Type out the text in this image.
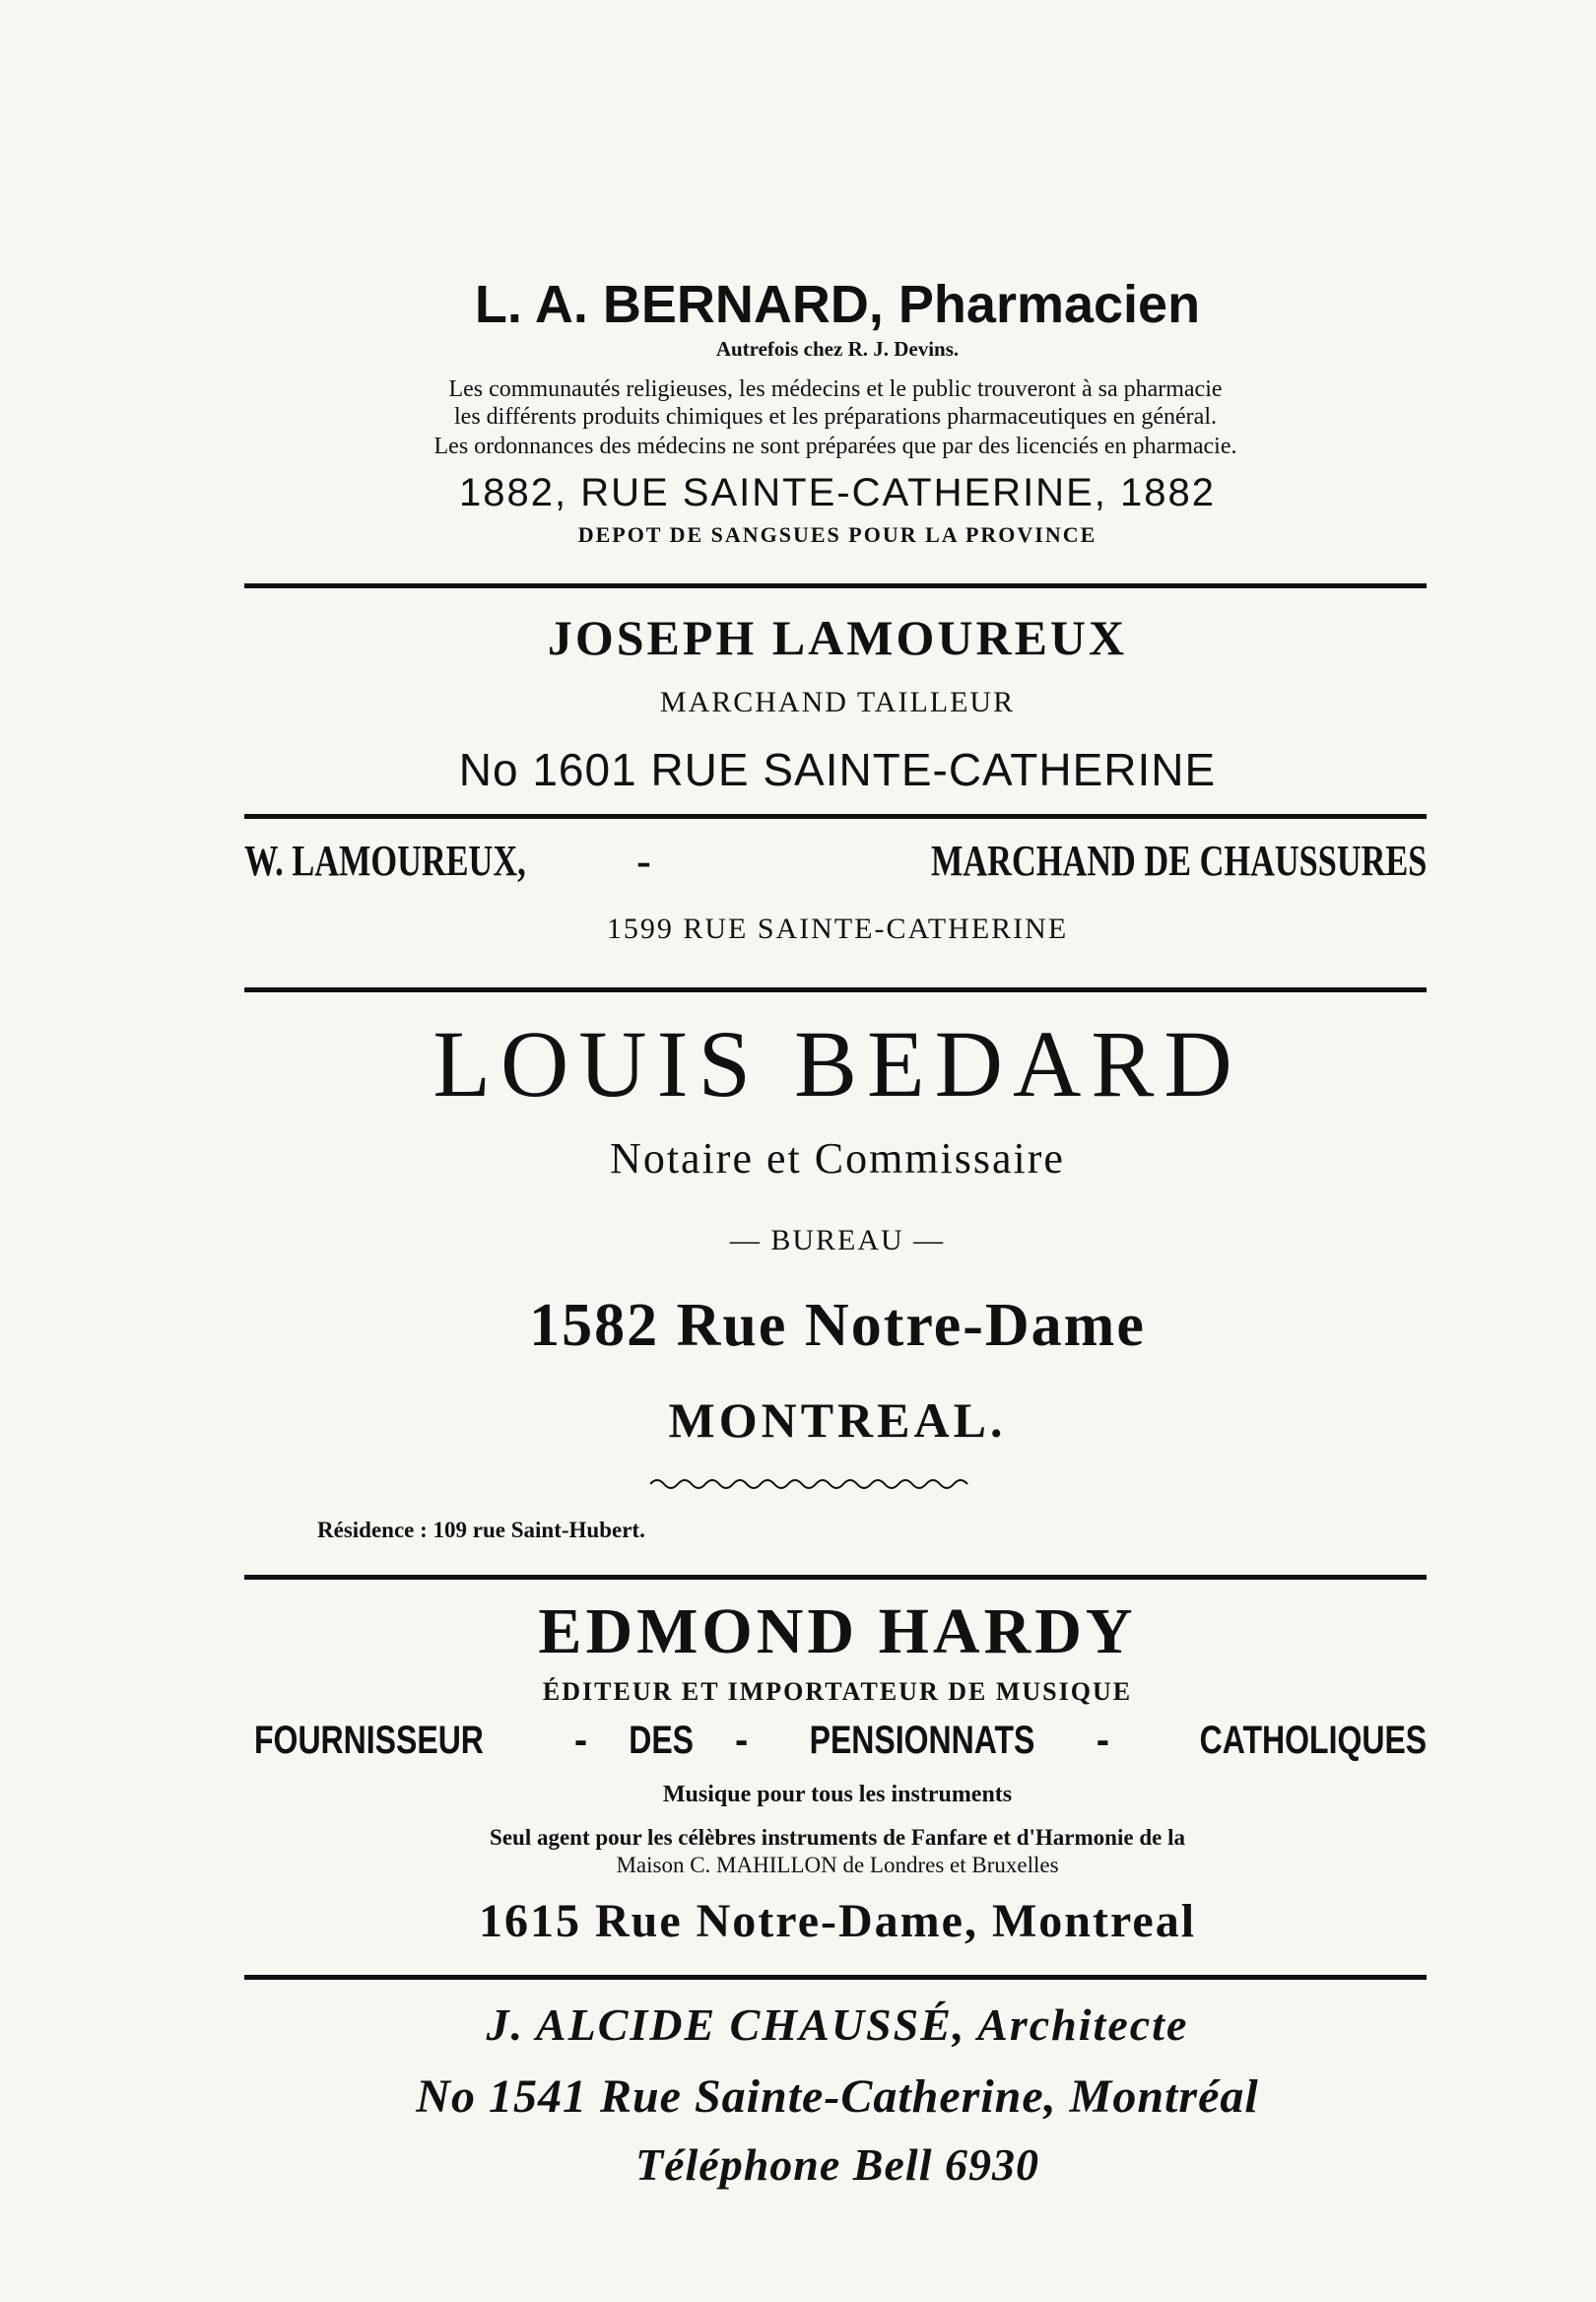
L. A. BERNARD, Pharmacien
Autrefois chez R. J. Devins.
Les communautés religieuses, les médecins et le public trouveront à sa pharmacie
les différents produits chimiques et les préparations pharmaceutiques en général.
Les ordonnances des médecins ne sont préparées que par des licenciés en pharmacie.
1882, RUE SAINTE-CATHERINE, 1882
DEPOT DE SANGSUES POUR LA PROVINCE
JOSEPH LAMOUREUX
MARCHAND TAILLEUR
No 1601 RUE SAINTE-CATHERINE
W. LAMOUREUX,	-	MARCHAND DE CHAUSSURES
1599 RUE SAINTE-CATHERINE
LOUIS BEDARD
Notaire et Commissaire
— BUREAU —
1582 Rue Notre-Dame
MONTREAL.
Résidence : 109 rue Saint-Hubert.
EDMOND HARDY
ÉDITEUR ET IMPORTATEUR DE MUSIQUE
FOURNISSEUR - DES - PENSIONNATS - CATHOLIQUES
Musique pour tous les instruments
Seul agent pour les célèbres instruments de Fanfare et d'Harmonie de la
Maison C. MAHILLON de Londres et Bruxelles
1615 Rue Notre-Dame, Montreal
J. ALCIDE CHAUSSÉ, Architecte
No 1541 Rue Sainte-Catherine, Montréal
Téléphone Bell 6930
